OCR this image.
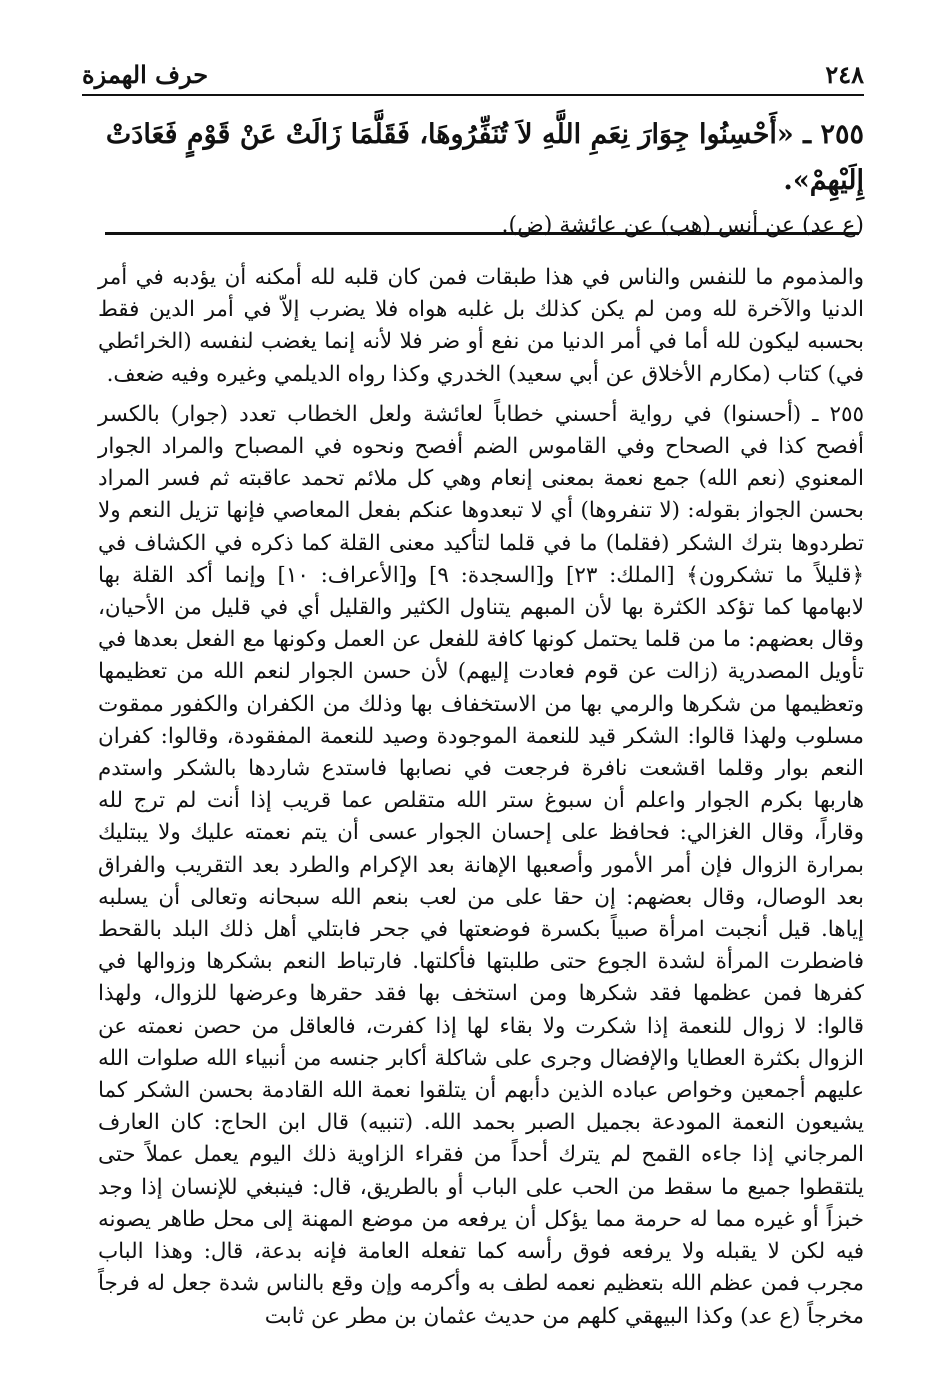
٢٤٨
حرف الهمزة
٢٥٥ ـ «أَحْسِنُوا جِوَارَ نِعَمِ اللَّهِ لاَ تُنَفِّرُوهَا، فَقَلَّمَا زَالَتْ عَنْ قَوْمٍ فَعَادَتْ إِلَيْهِمْ».
(ع عد) عن أنس (هب) عن عائشة (ض).

والمذموم ما للنفس والناس في هذا طبقات فمن كان قلبه لله أمكنه أن يؤدبه في أمر الدنيا والآخرة لله ومن لم يكن كذلك بل غلبه هواه فلا يضرب إلاّ في أمر الدين فقط بحسبه ليكون لله أما في أمر الدنيا من نفع أو ضر فلا لأنه إنما يغضب لنفسه (الخرائطي في) كتاب (مكارم الأخلاق عن أبي سعيد) الخدري وكذا رواه الديلمي وغيره وفيه ضعف.

٢٥٥ ـ (أحسنوا) في رواية أحسني خطاباً لعائشة ولعل الخطاب تعدد (جوار) بالكسر أفصح كذا في الصحاح وفي القاموس الضم أفصح ونحوه في المصباح والمراد الجوار المعنوي (نعم الله) جمع نعمة بمعنى إنعام وهي كل ملائم تحمد عاقبته ثم فسر المراد بحسن الجواز بقوله: (لا تنفروها) أي لا تبعدوها عنكم بفعل المعاصي فإنها تزيل النعم ولا تطردوها بترك الشكر (فقلما) ما في قلما لتأكيد معنى القلة كما ذكره في الكشاف في ﴿قليلاً ما تشكرون﴾ [الملك: ٢٣] و[السجدة: ٩] و[الأعراف: ١٠] وإنما أكد القلة بها لابهامها كما تؤكد الكثرة بها لأن المبهم يتناول الكثير والقليل أي في قليل من الأحيان، وقال بعضهم: ما من قلما يحتمل كونها كافة للفعل عن العمل وكونها مع الفعل بعدها في تأويل المصدرية (زالت عن قوم فعادت إليهم) لأن حسن الجوار لنعم الله من تعظيمها وتعظيمها من شكرها والرمي بها من الاستخفاف بها وذلك من الكفران والكفور ممقوت مسلوب ولهذا قالوا: الشكر قيد للنعمة الموجودة وصيد للنعمة المفقودة، وقالوا: كفران النعم بوار وقلما اقشعت نافرة فرجعت في نصابها فاستدع شاردها بالشكر واستدم هاربها بكرم الجوار واعلم أن سبوغ ستر الله متقلص عما قريب إذا أنت لم ترج لله وقاراً، وقال الغزالي: فحافظ على إحسان الجوار عسى أن يتم نعمته عليك ولا يبتليك بمرارة الزوال فإن أمر الأمور وأصعبها الإهانة بعد الإكرام والطرد بعد التقريب والفراق بعد الوصال، وقال بعضهم: إن حقا على من لعب بنعم الله سبحانه وتعالى أن يسلبه إياها. قيل أنجبت امرأة صبياً بكسرة فوضعتها في جحر فابتلي أهل ذلك البلد بالقحط فاضطرت المرأة لشدة الجوع حتى طلبتها فأكلتها. فارتباط النعم بشكرها وزوالها في كفرها فمن عظمها فقد شكرها ومن استخف بها فقد حقرها وعرضها للزوال، ولهذا قالوا: لا زوال للنعمة إذا شكرت ولا بقاء لها إذا كفرت، فالعاقل من حصن نعمته عن الزوال بكثرة العطايا والإفضال وجرى على شاكلة أكابر جنسه من أنبياء الله صلوات الله عليهم أجمعين وخواص عباده الذين دأبهم أن يتلقوا نعمة الله القادمة بحسن الشكر كما يشيعون النعمة المودعة بجميل الصبر بحمد الله. (تنبيه) قال ابن الحاج: كان العارف المرجاني إذا جاءه القمح لم يترك أحداً من فقراء الزاوية ذلك اليوم يعمل عملاً حتى يلتقطوا جميع ما سقط من الحب على الباب أو بالطريق، قال: فينبغي للإنسان إذا وجد خبزاً أو غيره مما له حرمة مما يؤكل أن يرفعه من موضع المهنة إلى محل طاهر يصونه فيه لكن لا يقبله ولا يرفعه فوق رأسه كما تفعله العامة فإنه بدعة، قال: وهذا الباب مجرب فمن عظم الله بتعظيم نعمه لطف به وأكرمه وإن وقع بالناس شدة جعل له فرجاً مخرجاً (ع عد) وكذا البيهقي كلهم من حديث عثمان بن مطر عن ثابت
